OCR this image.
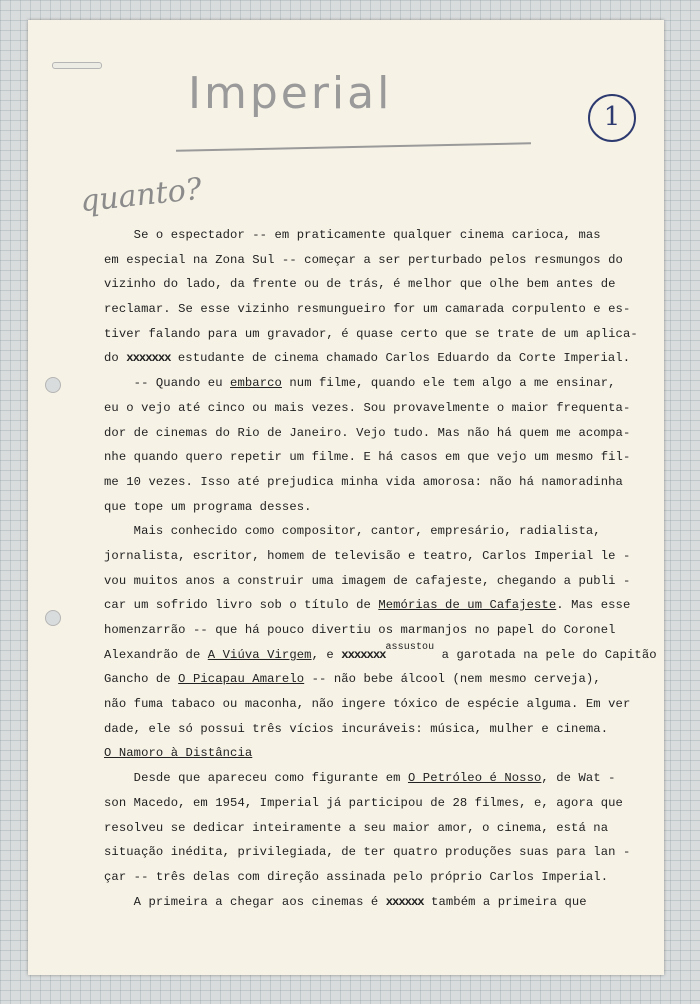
Imperial
quanto?
1
Se o espectador -- em praticamente qualquer cinema carioca, mas
em especial na Zona Sul -- começar a ser perturbado pelos resmungos do
vizinho do lado, da frente ou de trás, é melhor que olhe bem antes de
reclamar. Se esse vizinho resmungueiro for um camarada corpulento e es-
tiver falando para um gravador, é quase certo que se trate de um aplica-
do xxxxxxx estudante de cinema chamado Carlos Eduardo da Corte Imperial.
-- Quando eu embarco num filme, quando ele tem algo a me ensinar,
eu o vejo até cinco ou mais vezes. Sou provavelmente o maior frequenta-
dor de cinemas do Rio de Janeiro. Vejo tudo. Mas não há quem me acompa-
nhe quando quero repetir um filme. E há casos em que vejo um mesmo fil-
me 10 vezes. Isso até prejudica minha vida amorosa: não há namoradinha
que tope um programa desses.
Mais conhecido como compositor, cantor, empresário, radialista,
jornalista, escritor, homem de televisão e teatro, Carlos Imperial le -
vou muitos anos a construir uma imagem de cafajeste, chegando a publi -
car um sofrido livro sob o título de Memórias de um Cafajeste. Mas esse
homenzarrão -- que há pouco divertiu os marmanjos no papel do Coronel
Alexandrão de A Viúva Virgem, e xxxxxxxassustou a garotada na pele do Capitão
Gancho de O Picapau Amarelo -- não bebe álcool (nem mesmo cerveja),
não fuma tabaco ou maconha, não ingere tóxico de espécie alguma. Em ver
dade, ele só possui três vícios incuráveis: música, mulher e cinema.
O Namoro à Distância
Desde que apareceu como figurante em O Petróleo é Nosso, de Wat -
son Macedo, em 1954, Imperial já participou de 28 filmes, e, agora que
resolveu se dedicar inteiramente a seu maior amor, o cinema, está na
situação inédita, privilegiada, de ter quatro produções suas para lan -
çar -- três delas com direção assinada pelo próprio Carlos Imperial.
A primeira a chegar aos cinemas é xxxxxx também a primeira que
